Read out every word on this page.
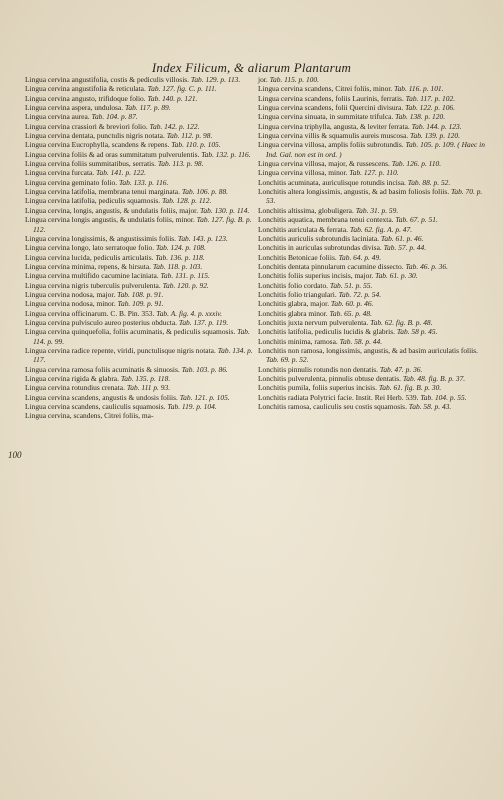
Index Filicum, & aliarum Plantarum
100

Lingua cervina angustifolia, costis & pediculis villosis. Tab. 129. p. 113.

Lingua cervina angustifolia & reticulata. Tab. 127. fig. C. p. 111.

Lingua cervina angusto, trifidoque folio. Tab. 140. p. 121.

Lingua cervina aspera, undulosa. Tab. 117. p. 89.

Lingua cervina aurea. Tab. 104. p. 87.

Lingua cervina crassiori & breviori folio. Tab. 142. p. 122.

Lingua cervina dentata, punctulis nigris notata. Tab. 112. p. 98.

Lingua cervina Eucrophylla, scandens & repens. Tab. 110. p. 105.

Lingua cervina foliis & ad oras summitatum pulverulentis. Tab. 132. p. 116.

Lingua cervina foliis summitatibus, serratis. Tab. 113. p. 98.

Lingua cervina furcata. Tab. 141. p. 122.

Lingua cervina geminato folio. Tab. 133. p. 116.

Lingua cervina latifolia, membrana tenui marginata. Tab. 106. p. 88.

Lingua cervina latifolia, pediculis squamosis. Tab. 128. p. 112.

Lingua cervina, longis, angustis, & undulatis foliis, major. Tab. 130. p. 114.

Lingua cervina longis angustis, & undulatis foliis, minor. Tab. 127. fig. B. p. 112.

Lingua cervina longissimis, & angustissimis foliis. Tab. 143. p. 123.

Lingua cervina longo, lato serratoque folio. Tab. 124. p. 108.

Lingua cervina lucida, pediculis articulatis. Tab. 136. p. 118.

Lingua cervina minima, repens, & hirsuta. Tab. 118. p. 103.

Lingua cervina multifido cacumine laciniata. Tab. 131. p. 115.

Lingua cervina nigris tuberculis pulverulenta. Tab. 120. p. 92.

Lingua cervina nodosa, major. Tab. 108. p. 91.

Lingua cervina nodosa, minor. Tab. 109. p. 91.

Lingua cervina officinarum. C. B. Pin. 353. Tab. A. fig. 4. p. xxxiv.

Lingua cervina pulvisculo aureo posterius obducta. Tab. 137. p. 119.

Lingua cervina quinquefolia, foliis acuminatis, & pediculis squamosis. Tab. 114. p. 99.

Lingua cervina radice repente, viridi, punctulisque nigris notata. Tab. 134. p. 117.

Lingua cervina ramosa foliis acuminatis & sinuosis. Tab. 103. p. 86.

Lingua cervina rigida & glabra. Tab. 135. p. 118.

Lingua cervina rotundius crenata. Tab. 111 p. 93.

Lingua cervina scandens, angustis & undosis foliis. Tab. 121. p. 105.

Lingua cervina scandens, cauliculis squamosis. Tab. 119. p. 104.

Lingua cervina, scandens, Citrei foliis, ma-

jor. Tab. 115. p. 100.

Lingua cervina scandens, Citrei foliis, minor. Tab. 116. p. 101.

Lingua cervina scandens, foliis Laurinis, ferratis. Tab. 117. p. 102.

Lingua cervina scandens, folii Quercini divisura. Tab. 122. p. 106.

Lingua cervina sinuata, in summitate trifulca. Tab. 138. p. 120.

Lingua cervina triphylla, angusta, & leviter ferrata. Tab. 144. p. 123.

Lingua cervina villis & squamulis aureis muscosa. Tab. 139. p. 120.

Lingua cervina villosa, amplis foliis subrotundis. Tab. 105. p. 109. ( Haec in Ind. Gal. non est in ord. )

Lingua cervina villosa, major, & russescens. Tab. 126. p. 110.

Lingua cervina villosa, minor. Tab. 127. p. 110.

Lonchitis acuminata, auriculisque rotundis incisa. Tab. 88. p. 52.

Lonchitis altera longissimis, angustis, & ad basim foliosis foliis. Tab. 70. p. 53.

Lonchitis altissima, globuligera. Tab. 31. p. 59.

Lonchitis aquatica, membrana tenui contexta. Tab. 67. p. 51.

Lonchitis auriculata & ferrata. Tab. 62. fig. A. p. 47.

Lonchitis auriculis subrotundis laciniata. Tab. 61. p. 46.

Lonchitis in auriculas subrotundas divisa. Tab. 57. p. 44.

Lonchitis Betonicae foliis. Tab. 64. p. 49.

Lonchitis dentata pinnularum cacumine dissecto. Tab. 46. p. 36.

Lonchitis foliis superius incisis, major. Tab. 61. p. 30.

Lonchitis folio cordato. Tab. 51. p. 55.

Lonchitis folio triangulari. Tab. 72. p. 54.

Lonchitis glabra, major. Tab. 60. p. 46.

Lonchitis glabra minor. Tab. 65. p. 48.

Lonchitis juxta nervum pulverulenta. Tab. 62. fig. B. p. 48.

Lonchitis latifolia, pediculis lucidis & glabris. Tab. 58 p. 45.

Lonchitis minima, ramosa. Tab. 58. p. 44.

Lonchitis non ramosa, longissimis, angustis, & ad basim auriculatis foliis. Tab. 69. p. 52.

Lonchitis pinnulis rotundis non dentatis. Tab. 47. p. 36.

Lonchitis pulverulenta, pinnulis obtuse dentatis. Tab. 48. fig. B. p. 37.

Lonchitis pumila, foliis superius incisis. Tab. 61. fig. B. p. 30.

Lonchitis radiata Polytrici facie. Instit. Rei Herb. 539. Tab. 104. p. 55.

Lonchitis ramosa, cauliculis seu costis squamosis. Tab. 58. p. 43.
